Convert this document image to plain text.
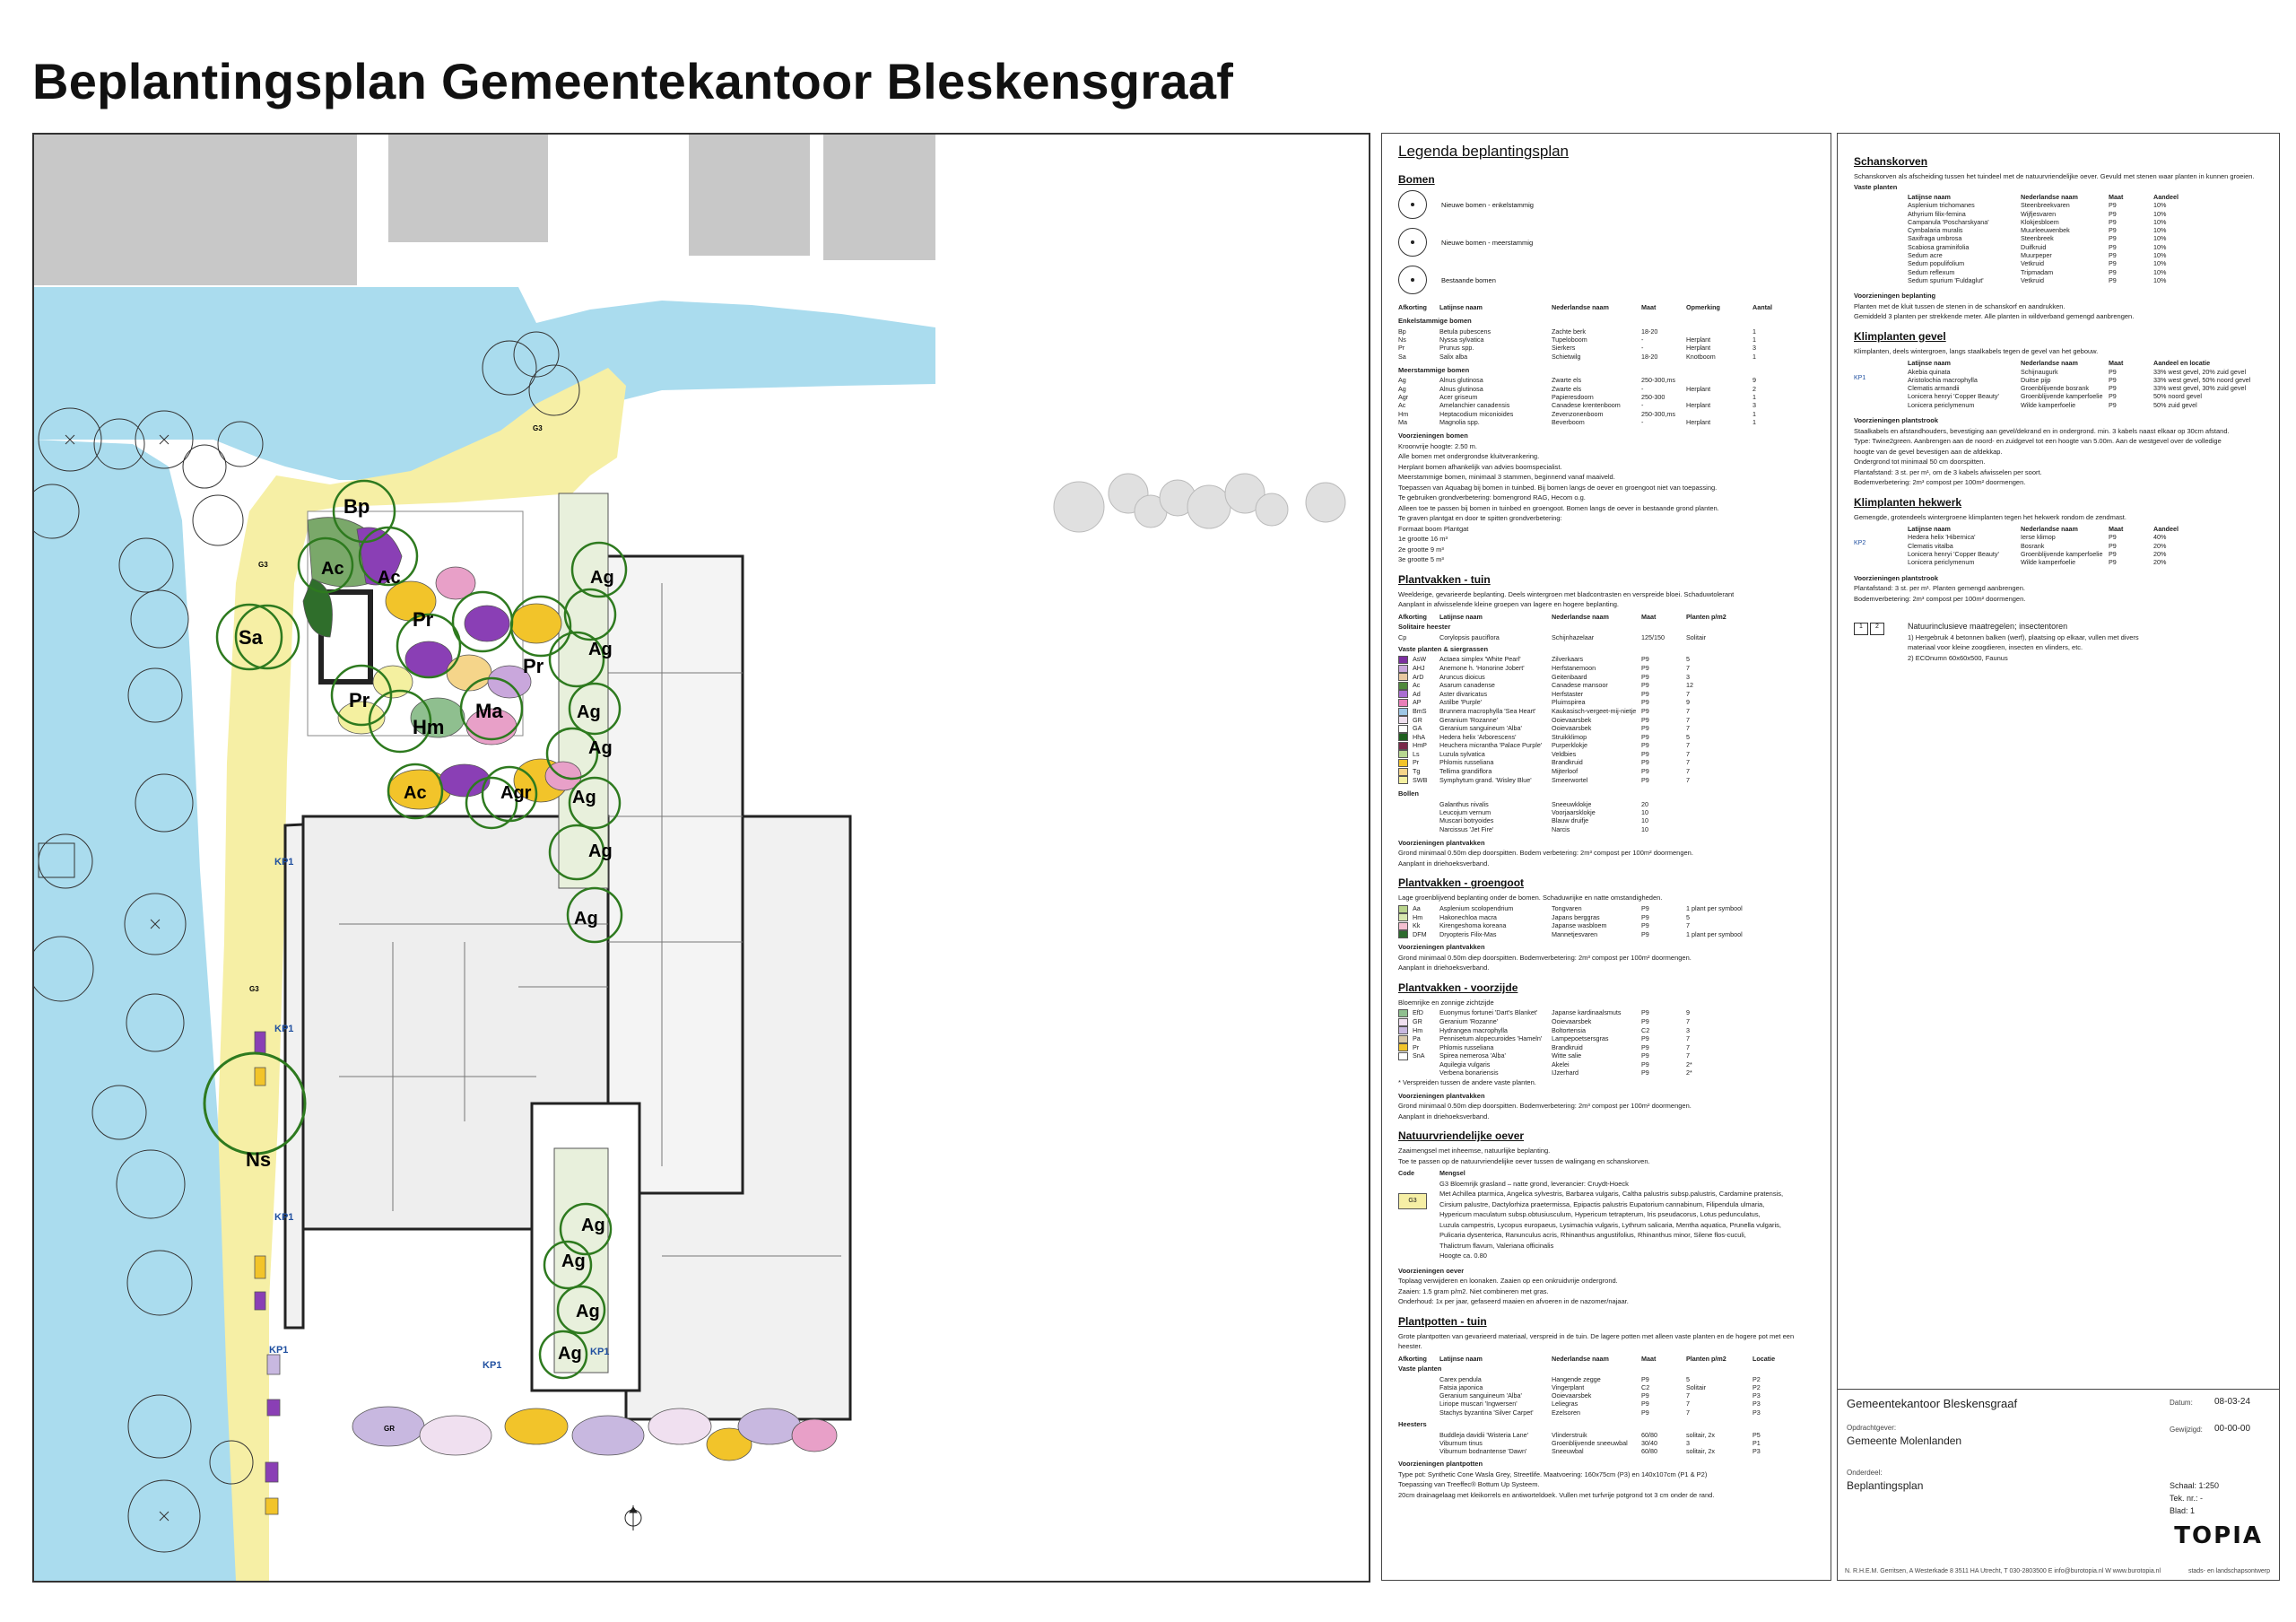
Beplantingsplan Gemeentekantoor Bleskensgraaf
Bp
Ac Ac
Sa
Pr
Pr
Pr
Hm
Ma
Ac	Agr
Ns
Ag
Ag
Ag
Ag
Ag
Ag
Ag
Ag
Ag
Ag
Ag
KP1
KP1
KP1
KP1	KP1
KP1
G3
G3
G3
GR
Legenda beplantingsplan
Bomen
Nieuwe bomen - enkelstammig
Nieuwe bomen - meerstammig
Bestaande bomen
Afkorting	Latijnse naam	Nederlandse naam	Maat	Opmerking	Aantal
Enkelstammige bomen
Bp	Betula pubescens	Zachte berk	18-20	1
Ns	Nyssa sylvatica	Tupeloboom	-	Herplant	1
Pr	Prunus spp.	Sierkers	-	Herplant	3
Sa	Salix alba	Schietwilg	18-20	Knotboom	1
Meerstammige bomen
Ag	Alnus glutinosa	Zwarte els	250-300,ms	9
Ag	Alnus glutinosa	Zwarte els	-	Herplant	2
Agr	Acer griseum	Papieresdoorn	250-300	1
Ac	Amelanchier canadensis	Canadese krentenboom	-	Herplant	3
Hm	Heptacodium miconioides	Zevenzonenboom	250-300,ms	1
Ma	Magnolia spp.	Beverboom	-	Herplant	1
Voorzieningen bomen
Kroonvrije hoogte: 2.50 m.
Alle bomen met ondergrondse kluitverankering.
Herplant bomen afhankelijk van advies boomspecialist.
Meerstammige bomen, minimaal 3 stammen, beginnend vanaf maaiveld.
Toepassen van Aquabag bij bomen in tuinbed. Bij bomen langs de oever en groengoot niet van toepassing.
Te gebruiken grondverbetering: bomengrond RAG, Hecom o.g.
Alleen toe te passen bij bomen in tuinbed en groengoot. Bomen langs de oever in bestaande grond planten.
Te graven plantgat en door te spitten grondverbetering:
Formaat boom Plantgat
1e grootte 16 m³
2e grootte 9 m³
3e grootte 5 m³
Plantvakken - tuin
Weelderige, gevarieerde beplanting. Deels wintergroen met bladcontrasten en verspreide bloei. Schaduwtolerant
Aanplant in afwisselende kleine groepen van lagere en hogere beplanting.
Afkorting	Latijnse naam	Nederlandse naam	Maat	Planten p/m2
Solitaire heester
Cp	Corylopsis pauciflora	Schijnhazelaar	125/150	Solitair
Vaste planten & siergrassen
AsW	Actaea simplex 'White Pearl'	Zilverkaars	P9	5
AHJ	Anemone h. 'Honorine Jobert'	Herfstanemoon	P9	7
ArD	Aruncus dioicus	Geitenbaard	P9	3
Ac	Asarum canadense	Canadese mansoor	P9	12
Ad	Aster divaricatus	Herfstaster	P9	7
AP	Astilbe 'Purple'	Pluimspirea	P9	9
BmS	Brunnera macrophylla 'Sea Heart'	Kaukasisch-vergeet-mij-nietje P9	7
GR	Geranium 'Rozanne'	Ooievaarsbek	P9	7
GA	Geranium sanguineum 'Alba'	Ooievaarsbek	P9	7
HhA	Hedera helix 'Arborescens'	Struikklimop	P9	5
HmP	Heuchera micrantha 'Palace Purple'	Purperklokje	P9	7
Ls	Luzula sylvatica	Veldbies	P9	7
Pr	Phlomis russeliana	Brandkruid	P9	7
Tg	Tellima grandiflora	Mijterloof	P9	7
SWB	Symphytum grand. 'Wisley Blue'	Smeerwortel	P9	7
Bollen
Galanthus nivalis	Sneeuwklokje	20
Leucojum vernum	Voorjaarsklokje	10
Muscari botryoides	Blauw druifje	10
Narcissus 'Jet Fire'	Narcis	10
Voorzieningen plantvakken
Grond minimaal 0.50m diep doorspitten. Bodem verbetering: 2m³ compost per 100m² doormengen.
Aanplant in driehoeksverband.
Plantvakken - groengoot
Lage groenblijvend beplanting onder de bomen. Schaduwrijke en natte omstandigheden.
Aa	Asplenium scolopendrium	Tongvaren	P9	1 plant per symbool
Hm	Hakonechloa macra	Japans berggras	P9	5
Kk	Kirengeshoma koreana	Japanse wasbloem	P9	7
DFM	Dryopteris Filix-Mas	Mannetjesvaren	P9	1 plant per symbool
Voorzieningen plantvakken
Grond minimaal 0.50m diep doorspitten. Bodemverbetering: 2m³ compost per 100m² doormengen.
Aanplant in driehoeksverband.
Plantvakken - voorzijde
Bloemrijke en zonnige zichtzijde
EfD	Euonymus fortunei 'Dart's Blanket'	Japanse kardinaalsmuts	P9	9
GR	Geranium 'Rozanne'	Ooievaarsbek	P9	7
Hm	Hydrangea macrophylla	Boltortensia	C2	3
Pa	Pennisetum alopecuroides 'Hameln'	Lampepoetsersgras	P9	7
Pr	Phlomis russeliana	Brandkruid	P9	7
SnA	Spirea nemerosa 'Alba'	Witte salie	P9	7
Aquilegia vulgaris	Akelei	P9	2*
Verbena bonariensis	IJzerhard	P9	2*
* Verspreiden tussen de andere vaste planten.
Voorzieningen plantvakken
Grond minimaal 0.50m diep doorspitten. Bodemverbetering: 2m³ compost per 100m² doormengen.
Aanplant in driehoeksverband.
Natuurvriendelijke oever
Zaaimengsel met inheemse, natuurlijke beplanting.
Toe te passen op de natuurvriendelijke oever tussen de walingang en schanskorven.
Code	Mengsel
G3
G3 Bloemrijk grasland – natte grond, leverancier: Cruydt-Hoeck
Met Achillea ptarmica, Angelica sylvestris, Barbarea vulgaris, Caltha palustris subsp.palustris, Cardamine pratensis,
Cirsium palustre, Dactylorhiza praetermissa, Epipactis palustris Eupatorium cannabinum, Filipendula ulmaria,
Hypericum maculatum subsp.obtusiusculum, Hypericum tetrapterum, Iris pseudacorus, Lotus pedunculatus,
Luzula campestris, Lycopus europaeus, Lysimachia vulgaris, Lythrum salicaria, Mentha aquatica, Prunella vulgaris,
Pulicaria dysenterica, Ranunculus acris, Rhinanthus angustifolius, Rhinanthus minor, Silene flos-cuculi,
Thalictrum flavum, Valeriana officinalis
Hoogte ca. 0.80
Voorzieningen oever
Toplaag verwijderen en loonaken. Zaaien op een onkruidvrije ondergrond.
Zaaien: 1.5 gram p/m2. Niet combineren met gras.
Onderhoud: 1x per jaar, gefaseerd maaien en afvoeren in de nazomer/najaar.
Plantpotten - tuin
Grote plantpotten van gevarieerd materiaal, verspreid in de tuin. De lagere potten met alleen vaste planten en de hogere pot met een
heester.
Afkorting	Latijnse naam	Nederlandse naam	Maat	Planten p/m2	Locatie
Vaste planten
Carex pendula	Hangende zegge	P9	5	P2
Fatsia japonica	Vingerplant	C2	Solitair	P2
Geranium sanguineum 'Alba'	Ooievaarsbek	P9	7	P3
Liriope muscari 'Ingwersen'	Leliegras	P9	7	P3
Stachys byzantina 'Silver Carpet'	Ezelsoren	P9	7	P3
Heesters
Buddleja davidii 'Wisteria Lane'	Vlinderstruik	60/80	solitair, 2x	P5
Viburnum tinus	Groenblijvende sneeuwbal	30/40	3	P1
Viburnum bodnantense 'Dawn'	Sneeuwbal	60/80	solitair, 2x	P3
Voorzieningen plantpotten
Type pot: Synthetic Cone Wasla Grey, Streetlife. Maatvoering: 160x75cm (P3) en 140x107cm (P1 & P2)
Toepassing van Treeffec® Bottum Up Systeem.
20cm drainagelaag met kleikorrels en antiworteldoek. Vullen met turfvrije potgrond tot 3 cm onder de rand.
Schanskorven
Schanskorven als afscheiding tussen het tuindeel met de natuurvriendelijke oever. Gevuld met stenen waar planten in kunnen groeien.
Vaste planten
Latijnse naam	Nederlandse naam	Maat	Aandeel
Asplenium trichomanes	Steenbreekvaren	P9	10%
Athyrium filix-femina	Wijfjesvaren	P9	10%
Campanula 'Poscharskyana'	Klokjesbloem	P9	10%
Cymbalaria muralis	Muurleeuwenbek	P9	10%
Saxifraga umbrosa	Steenbreek	P9	10%
Scabiosa graminifolia	Duifkruid	P9	10%
Sedum acre	Muurpeper	P9	10%
Sedum populifolium	Vetkruid	P9	10%
Sedum reflexum	Tripmadam	P9	10%
Sedum spurium 'Fuldaglut'	Vetkruid	P9	10%
Voorzieningen beplanting
Planten met de kluit tussen de stenen in de schanskorf en aandrukken.
Gemiddeld 3 planten per strekkende meter. Alle planten in wildverband gemengd aanbrengen.
Klimplanten gevel
Klimplanten, deels wintergroen, langs staalkabels tegen de gevel van het gebouw.
Latijnse naam	Nederlandse naam	Maat	Aandeel en locatie
KP1
Akebia quinata	Schijnaugurk	P9	33% west gevel, 20% zuid gevel
Aristolochia macrophylla	Duitse pijp	P9	33% west gevel, 50% noord gevel
Clematis armandii	Groenblijvende bosrank	P9	33% west gevel, 30% zuid gevel
Lonicera henryi 'Copper Beauty'	Groenblijvende kamperfoelie P9	50% noord gevel
Lonicera periclymenum	Wilde kamperfoelie	P9	50% zuid gevel
Voorzieningen plantstrook
Staalkabels en afstandhouders, bevestiging aan gevel/dekrand en in ondergrond. min. 3 kabels naast elkaar op 30cm afstand.
Type: Twine2green. Aanbrengen aan de noord- en zuidgevel tot een hoogte van 5.00m. Aan de westgevel over de volledige
hoogte van de gevel bevestigen aan de afdekkap.
Ondergrond tot minimaal 50 cm doorspitten.
Plantafstand: 3 st. per m¹, om de 3 kabels afwisselen per soort.
Bodemverbetering: 2m³ compost per 100m² doormengen.
Klimplanten hekwerk
Gemengde, grotendeels wintergroene klimplanten tegen het hekwerk rondom de zendmast.
Latijnse naam	Nederlandse naam	Maat	Aandeel
KP2
Hedera helix 'Hibernica'	Ierse klimop	P9	40%
Clematis vitalba	Bosrank	P9	20%
Lonicera henryi 'Copper Beauty'	Groenblijvende kamperfoelie P9	20%
Lonicera periclymenum	Wilde kamperfoelie	P9	20%
Voorzieningen plantstrook
Plantafstand: 3 st. per m¹. Planten gemengd aanbrengen.
Bodemverbetering: 2m³ compost per 100m² doormengen.
1	2	Natuurinclusieve maatregelen; insectentoren
1) Hergebruik 4 betonnen balken (werf), plaatsing op elkaar, vullen met divers
materiaal voor kleine zoogdieren, insecten en vlinders, etc.
2) ECOnumn 60x60x500, Faunus
Gemeentekantoor Bleskensgraaf	Datum: 08-03-24
Opdrachtgever:
Gemeente Molenlanden
Gewijzigd: 00-00-00
Onderdeel:
Beplantingsplan	Schaal: 1:250
Tek. nr.: -
Blad: 1
TOPIA
N. R.H.E.M. Gerritsen, A Westerkade 8 3511 HA Utrecht, T 030-2803500 E info@burotopia.nl W www.burotopia.nl	stads- en landschapsontwerp
